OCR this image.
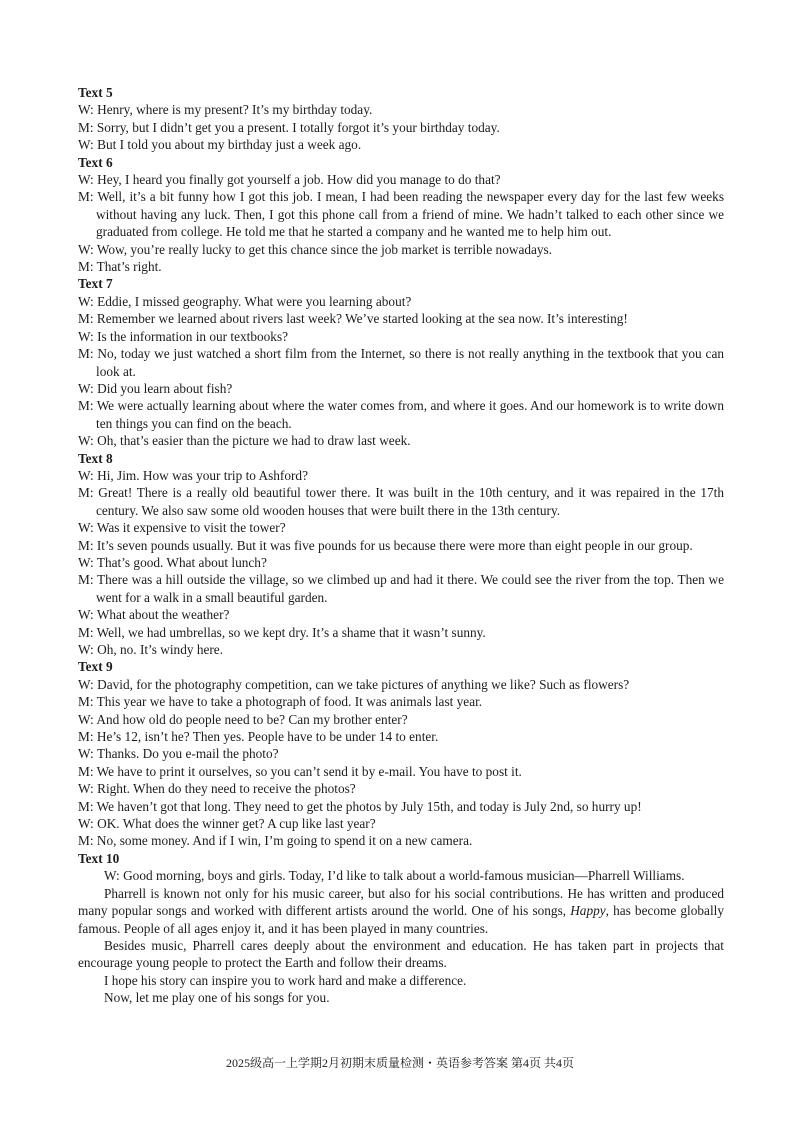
Text 5
W: Henry, where is my present? It’s my birthday today.
M: Sorry, but I didn’t get you a present. I totally forgot it’s your birthday today.
W: But I told you about my birthday just a week ago.
Text 6
W: Hey, I heard you finally got yourself a job. How did you manage to do that?
M: Well, it’s a bit funny how I got this job. I mean, I had been reading the newspaper every day for the last few weeks without having any luck. Then, I got this phone call from a friend of mine. We hadn’t talked to each other since we graduated from college. He told me that he started a company and he wanted me to help him out.
W: Wow, you’re really lucky to get this chance since the job market is terrible nowadays.
M: That’s right.
Text 7
W: Eddie, I missed geography. What were you learning about?
M: Remember we learned about rivers last week? We’ve started looking at the sea now. It’s interesting!
W: Is the information in our textbooks?
M: No, today we just watched a short film from the Internet, so there is not really anything in the textbook that you can look at.
W: Did you learn about fish?
M: We were actually learning about where the water comes from, and where it goes. And our homework is to write down ten things you can find on the beach.
W: Oh, that’s easier than the picture we had to draw last week.
Text 8
W: Hi, Jim. How was your trip to Ashford?
M: Great! There is a really old beautiful tower there. It was built in the 10th century, and it was repaired in the 17th century. We also saw some old wooden houses that were built there in the 13th century.
W: Was it expensive to visit the tower?
M: It’s seven pounds usually. But it was five pounds for us because there were more than eight people in our group.
W: That’s good. What about lunch?
M: There was a hill outside the village, so we climbed up and had it there. We could see the river from the top. Then we went for a walk in a small beautiful garden.
W: What about the weather?
M: Well, we had umbrellas, so we kept dry. It’s a shame that it wasn’t sunny.
W: Oh, no. It’s windy here.
Text 9
W: David, for the photography competition, can we take pictures of anything we like? Such as flowers?
M: This year we have to take a photograph of food. It was animals last year.
W: And how old do people need to be? Can my brother enter?
M: He’s 12, isn’t he? Then yes. People have to be under 14 to enter.
W: Thanks. Do you e-mail the photo?
M: We have to print it ourselves, so you can’t send it by e-mail. You have to post it.
W: Right. When do they need to receive the photos?
M: We haven’t got that long. They need to get the photos by July 15th, and today is July 2nd, so hurry up!
W: OK. What does the winner get? A cup like last year?
M: No, some money. And if I win, I’m going to spend it on a new camera.
Text 10

W: Good morning, boys and girls. Today, I’d like to talk about a world-famous musician—Pharrell Williams.

Pharrell is known not only for his music career, but also for his social contributions. He has written and produced many popular songs and worked with different artists around the world. One of his songs, Happy, has become globally famous. People of all ages enjoy it, and it has been played in many countries.

Besides music, Pharrell cares deeply about the environment and education. He has taken part in projects that encourage young people to protect the Earth and follow their dreams.

I hope his story can inspire you to work hard and make a difference.

Now, let me play one of his songs for you.

2025级高一上学期2月初期末质量检测・英语参考答案 第4页 共4页
